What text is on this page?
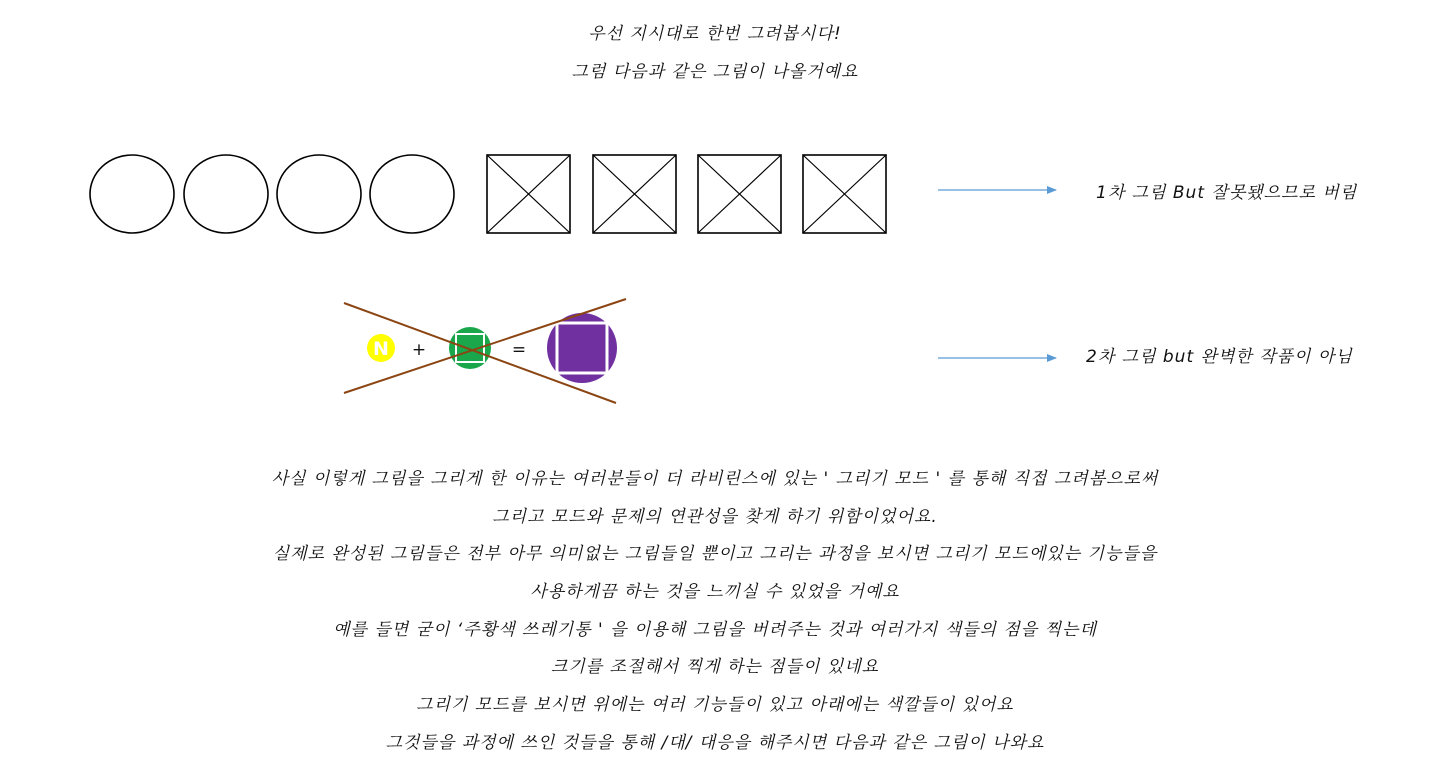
우선 지시대로 한번 그려봅시다!
그럼 다음과 같은 그림이 나올거예요
N +	=
1차 그림 But 잘못됐으므로 버림
2차 그림 but 완벽한 작품이 아님
사실 이렇게 그림을 그리게 한 이유는 여러분들이 더 라비린스에 있는 ' 그리기 모드 ' 를 통해 직접 그려봄으로써
그리고 모드와 문제의 연관성을 찾게 하기 위함이었어요.
실제로 완성된 그림들은 전부 아무 의미없는 그림들일 뿐이고 그리는 과정을 보시면 그리기 모드에있는 기능들을
사용하게끔 하는 것을 느끼실 수 있었을 거예요
예를 들면 굳이 ‘주황색 쓰레기통 ' 을 이용해 그림을 버려주는 것과 여러가지 색들의 점을 찍는데
크기를 조절해서 찍게 하는 점들이 있네요
그리기 모드를 보시면 위에는 여러 기능들이 있고 아래에는 색깔들이 있어요
그것들을 과정에 쓰인 것들을 통해 /대/ 대응을 해주시면 다음과 같은 그림이 나와요
